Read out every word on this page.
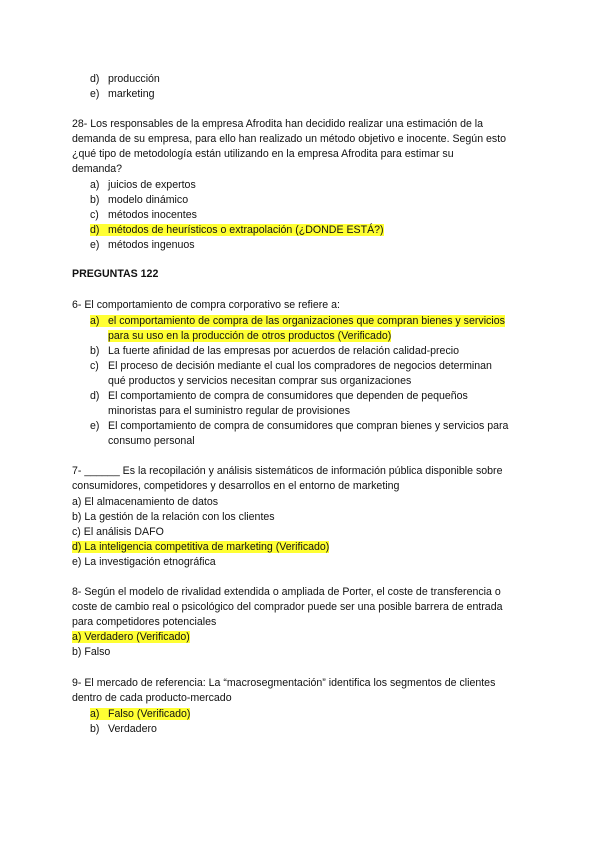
d) producción
e) marketing
28- Los responsables de la empresa Afrodita han decidido realizar una estimación de la
demanda de su empresa, para ello han realizado un método objetivo e inocente. Según esto
¿qué tipo de metodología están utilizando en la empresa Afrodita para estimar su
demanda?
a) juicios de expertos
b) modelo dinámico
c) métodos inocentes
d) métodos de heurísticos o extrapolación (¿DONDE ESTÁ?)
e) métodos ingenuos
PREGUNTAS 122
6- El comportamiento de compra corporativo se refiere a:
a) el comportamiento de compra de las organizaciones que compran bienes y servicios
para su uso en la producción de otros productos (Verificado)
b) La fuerte afinidad de las empresas por acuerdos de relación calidad-precio
c) El proceso de decisión mediante el cual los compradores de negocios determinan
qué productos y servicios necesitan comprar sus organizaciones
d) El comportamiento de compra de consumidores que dependen de pequeños
minoristas para el suministro regular de provisiones
e) El comportamiento de compra de consumidores que compran bienes y servicios para
consumo personal
7- ______ Es la recopilación y análisis sistemáticos de información pública disponible sobre
consumidores, competidores y desarrollos en el entorno de marketing
a) El almacenamiento de datos
b) La gestión de la relación con los clientes
c) El análisis DAFO
d) La inteligencia competitiva de marketing (Verificado)
e) La investigación etnográfica
8- Según el modelo de rivalidad extendida o ampliada de Porter, el coste de transferencia o
coste de cambio real o psicológico del comprador puede ser una posible barrera de entrada
para competidores potenciales
a) Verdadero (Verificado)
b) Falso
9- El mercado de referencia: La “macrosegmentación” identifica los segmentos de clientes
dentro de cada producto-mercado
a) Falso (Verificado)
b) Verdadero
